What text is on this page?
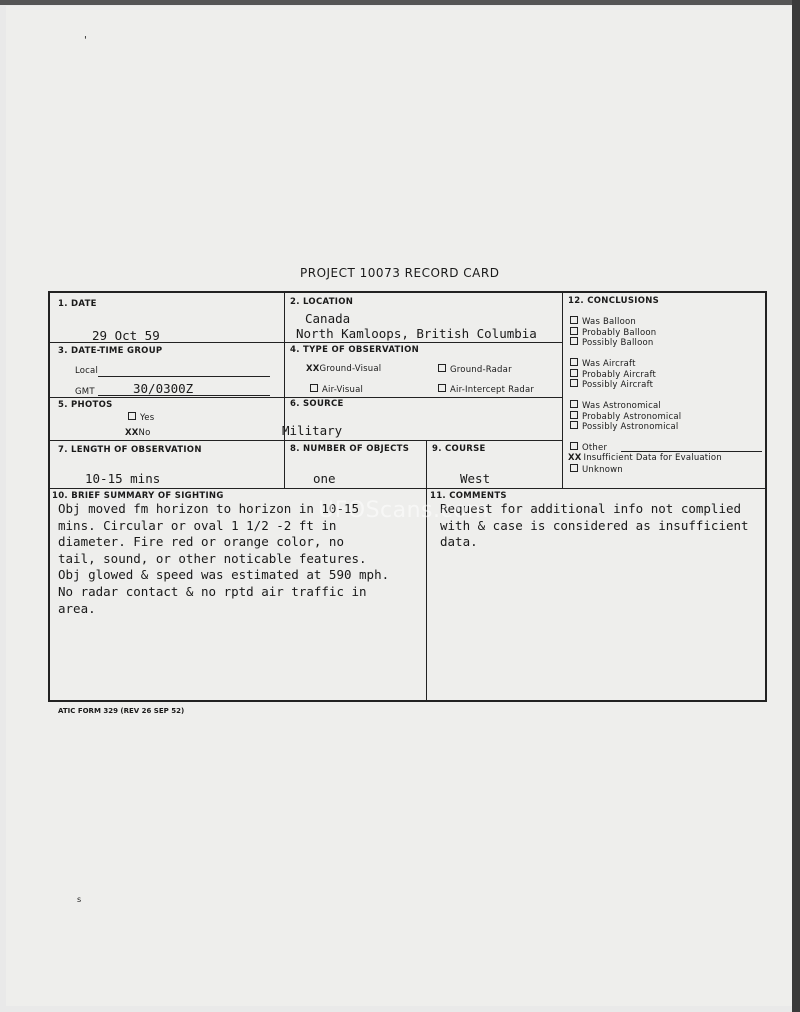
'
s
PROJECT 10073 RECORD CARD
1. DATE
29 Oct 59
2. LOCATION
Canada
North Kamloops, British Columbia
3. DATE-TIME GROUP
Local
GMT	30/0300Z
4. TYPE OF OBSERVATION
XXGround-Visual	Ground-Radar
Air-Visual	Air-Intercept Radar
5. PHOTOS
Yes
XXNo
6. SOURCE
Military
7. LENGTH OF OBSERVATION
10-15 mins
8. NUMBER OF OBJECTS
one
9. COURSE
West
10. BRIEF SUMMARY OF SIGHTING
Obj moved fm horizon to horizon in 10-15
mins. Circular or oval 1 1/2 -2 ft in
diameter. Fire red or orange color, no
tail, sound, or other noticable features.
Obj glowed & speed was estimated at 590 mph.
No radar contact & no rptd air traffic in
area.
11. COMMENTS
Request for additional info not complied
with & case is considered as insufficient
data.
12. CONCLUSIONS
Was Balloon
Probably Balloon
Possibly Balloon
Was Aircraft
Probably Aircraft
Possibly Aircraft
Was Astronomical
Probably Astronomical
Possibly Astronomical
Other
XX Insufficient Data for Evaluation
Unknown
UFOScans.com
ATIC FORM 329 (REV 26 SEP 52)
